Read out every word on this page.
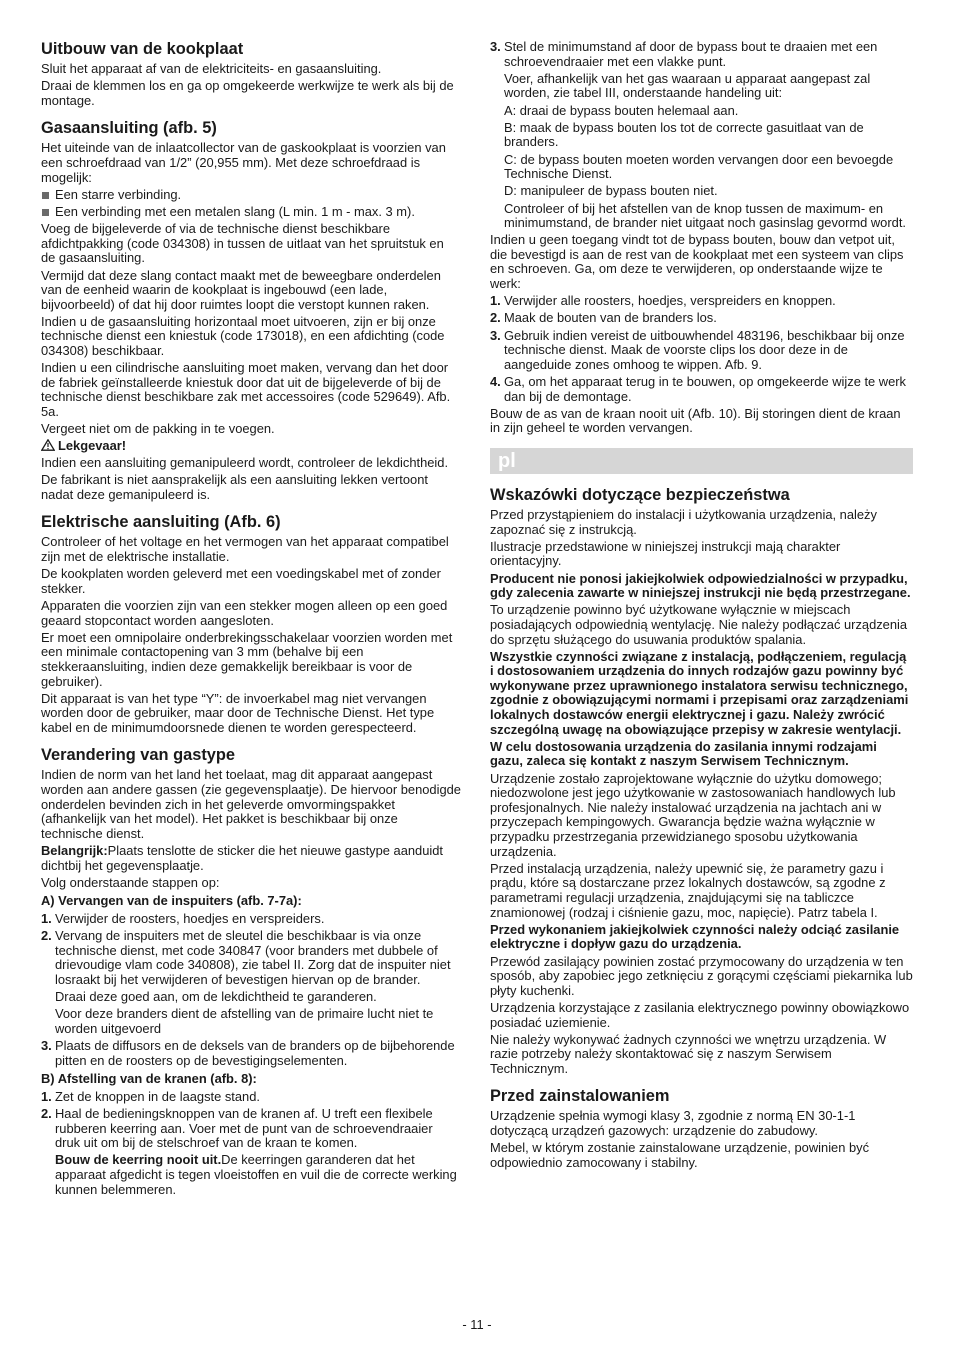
Uitbouw van de kookplaat

Sluit het apparaat af van de elektriciteits- en gasaansluiting.

Draai de klemmen los en ga op omgekeerde werkwijze te werk als bij de montage.

Gasaansluiting (afb. 5)

Het uiteinde van de inlaatcollector van de gaskookplaat is voorzien van een schroefdraad van 1/2” (20,955 mm). Met deze schroefdraad is mogelijk:

Een starre verbinding.
Een verbinding met een metalen slang (L min. 1 m - max. 3 m).

Voeg de bijgeleverde of via de technische dienst beschikbare afdichtpakking (code 034308) in tussen de uitlaat van het spruitstuk en de gasaansluiting.

Vermijd dat deze slang contact maakt met de beweegbare onderdelen van de eenheid waarin de kookplaat is ingebouwd (een lade, bijvoorbeeld) of dat hij door ruimtes loopt die verstopt kunnen raken.

Indien u de gasaansluiting horizontaal moet uitvoeren, zijn er bij onze technische dienst een kniestuk (code 173018), en een afdichting (code 034308) beschikbaar.

Indien u een cilindrische aansluiting moet maken, vervang dan het door de fabriek geïnstalleerde kniestuk door dat uit de bijgeleverde of bij de technische dienst beschikbare zak met accessoires (code 529649). Afb. 5a.

Vergeet niet om de pakking in te voegen.

Lekgevaar!

Indien een aansluiting gemanipuleerd wordt, controleer de lekdichtheid.

De fabrikant is niet aansprakelijk als een aansluiting lekken vertoont nadat deze gemanipuleerd is.

Elektrische aansluiting (Afb. 6)

Controleer of het voltage en het vermogen van het apparaat compatibel zijn met de elektrische installatie.

De kookplaten worden geleverd met een voedingskabel met of zonder stekker.

Apparaten die voorzien zijn van een stekker mogen alleen op een goed geaard stopcontact worden aangesloten.

Er moet een omnipolaire onderbrekingsschakelaar voorzien worden met een minimale contactopening van 3 mm (behalve bij een stekkeraansluiting, indien deze gemakkelijk bereikbaar is voor de gebruiker).

Dit apparaat is van het type “Y”: de invoerkabel mag niet vervangen worden door de gebruiker, maar door de Technische Dienst. Het type kabel en de minimumdoorsnede dienen te worden gerespecteerd.

Verandering van gastype

Indien de norm van het land het toelaat, mag dit apparaat aangepast worden aan andere gassen (zie gegevensplaatje). De hiervoor benodigde onderdelen bevinden zich in het geleverde omvormingspakket (afhankelijk van het model). Het pakket is beschikbaar bij onze technische dienst.

Belangrijk:Plaats tenslotte de sticker die het nieuwe gastype aanduidt dichtbij het gegevensplaatje.

Volg onderstaande stappen op:

A) Vervangen van de inspuiters (afb. 7-7a):
1. Verwijder de roosters, hoedjes en verspreiders.
2. Vervang de inspuiters met de sleutel die beschikbaar is via onze technische dienst, met code 340847 (voor branders met dubbele of drievoudige vlam code 340808), zie tabel II. Zorg dat de inspuiter niet losraakt bij het verwijderen of bevestigen hiervan op de brander.

Draai deze goed aan, om de lekdichtheid te garanderen.

Voor deze branders dient de afstelling van de primaire lucht niet te worden uitgevoerd

3. Plaats de diffusors en de deksels van de branders op de bijbehorende pitten en de roosters op de bevestigingselementen.
B) Afstelling van de kranen (afb. 8):
1. Zet de knoppen in de laagste stand.
2. Haal de bedieningsknoppen van de kranen af. U treft een flexibele rubberen keerring aan. Voer met de punt van de schroevendraaier druk uit om bij de stelschroef van de kraan te komen.

Bouw de keerring nooit uit.De keerringen garanderen dat het apparaat afgedicht is tegen vloeistoffen en vuil die de correcte werking kunnen belemmeren.

3. Stel de minimumstand af door de bypass bout te draaien met een schroevendraaier met een vlakke punt.

Voer, afhankelijk van het gas waaraan u apparaat aangepast zal worden, zie tabel III, onderstaande handeling uit:

A: draai de bypass bouten helemaal aan.

B: maak de bypass bouten los tot de correcte gasuitlaat van de branders.

C: de bypass bouten moeten worden vervangen door een bevoegde Technische Dienst.

D: manipuleer de bypass bouten niet.

Controleer of bij het afstellen van de knop tussen de maximum- en minimumstand, de brander niet uitgaat noch gasinslag gevormd wordt.

Indien u geen toegang vindt tot de bypass bouten, bouw dan vetpot uit, die bevestigd is aan de rest van de kookplaat met een systeem van clips en schroeven. Ga, om deze te verwijderen, op onderstaande wijze te werk:

1. Verwijder alle roosters, hoedjes, verspreiders en knoppen.
2. Maak de bouten van de branders los.
3. Gebruik indien vereist de uitbouwhendel 483196, beschikbaar bij onze technische dienst. Maak de voorste clips los door deze in de aangeduide zones omhoog te wippen. Afb. 9.
4. Ga, om het apparaat terug in te bouwen, op omgekeerde wijze te werk dan bij de demontage.

Bouw de as van de kraan nooit uit (Afb. 10). Bij storingen dient de kraan in zijn geheel te worden vervangen.

pl
Wskazówki dotyczące bezpieczeństwa

Przed przystąpieniem do instalacji i użytkowania urządzenia, należy zapoznać się z instrukcją.

Ilustracje przedstawione w niniejszej instrukcji mają charakter orientacyjny.

Producent nie ponosi jakiejkolwiek odpowiedzialności w przypadku, gdy zalecenia zawarte w niniejszej instrukcji nie będą przestrzegane.

To urządzenie powinno być użytkowane wyłącznie w miejscach posiadających odpowiednią wentylację. Nie należy podłączać urządzenia do sprzętu służącego do usuwania produktów spalania.

Wszystkie czynności związane z instalacją, podłączeniem, regulacją i dostosowaniem urządzenia do innych rodzajów gazu powinny być wykonywane przez uprawnionego instalatora serwisu technicznego, zgodnie z obowiązującymi normami i przepisami oraz zarządzeniami lokalnych dostawców energii elektrycznej i gazu. Należy zwrócić szczególną uwagę na obowiązujące przepisy w zakresie wentylacji.

W celu dostosowania urządzenia do zasilania innymi rodzajami gazu, zaleca się kontakt z naszym Serwisem Technicznym.

Urządzenie zostało zaprojektowane wyłącznie do użytku domowego; niedozwolone jest jego użytkowanie w zastosowaniach handlowych lub profesjonalnych. Nie należy instalować urządzenia na jachtach ani w przyczepach kempingowych. Gwarancja będzie ważna wyłącznie w przypadku przestrzegania przewidzianego sposobu użytkowania urządzenia.

Przed instalacją urządzenia, należy upewnić się, że parametry gazu i prądu, które są dostarczane przez lokalnych dostawców, są zgodne z parametrami regulacji urządzenia, znajdującymi się na tabliczce znamionowej (rodzaj i ciśnienie gazu, moc, napięcie). Patrz tabela I.

Przed wykonaniem jakiejkolwiek czynności należy odciąć zasilanie elektryczne i dopływ gazu do urządzenia.

Przewód zasilający powinien zostać przymocowany do urządzenia w ten sposób, aby zapobiec jego zetknięciu z gorącymi częściami piekarnika lub płyty kuchenki.

Urządzenia korzystające z zasilania elektrycznego powinny obowiązkowo posiadać uziemienie.

Nie należy wykonywać żadnych czynności we wnętrzu urządzenia. W razie potrzeby należy skontaktować się z naszym Serwisem Technicznym.

Przed zainstalowaniem

Urządzenie spełnia wymogi klasy 3, zgodnie z normą EN 30-1-1 dotyczącą urządzeń gazowych: urządzenie do zabudowy.

Mebel, w którym zostanie zainstalowane urządzenie, powinien być odpowiednio zamocowany i stabilny.

- 11 -
